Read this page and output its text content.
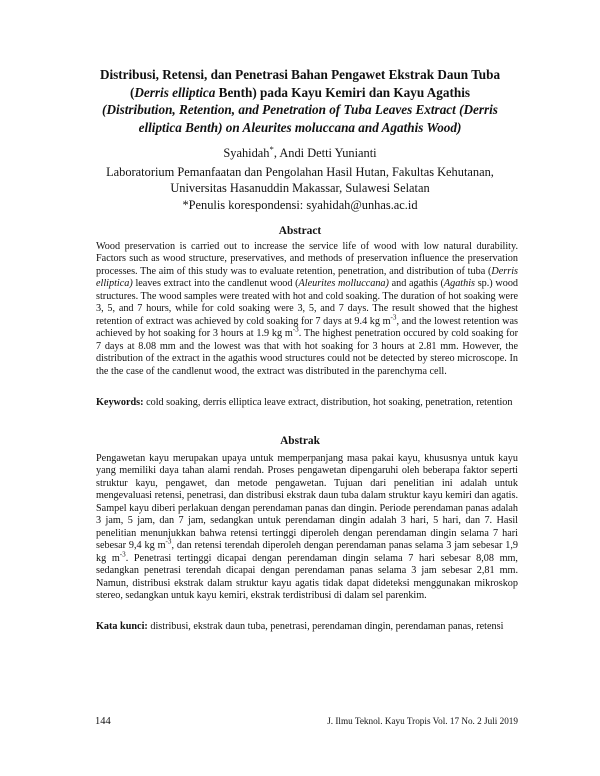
Distribusi, Retensi, dan Penetrasi Bahan Pengawet Ekstrak Daun Tuba
(Derris elliptica Benth) pada Kayu Kemiri dan Kayu Agathis
(Distribution, Retention, and Penetration of Tuba Leaves Extract (Derris elliptica Benth) on Aleurites moluccana and Agathis Wood)
Syahidah*, Andi Detti Yunianti
Laboratorium Pemanfaatan dan Pengolahan Hasil Hutan, Fakultas Kehutanan,
Universitas Hasanuddin Makassar, Sulawesi Selatan
*Penulis korespondensi: syahidah@unhas.ac.id
Abstract
Wood preservation is carried out to increase the service life of wood with low natural durability. Factors such as wood structure, preservatives, and methods of preservation influence the preservation processes. The aim of this study was to evaluate retention, penetration, and distribution of tuba (Derris elliptica) leaves extract into the candlenut wood (Aleurites molluccana) and agathis (Agathis sp.) wood structures. The wood samples were treated with hot and cold soaking. The duration of hot soaking were 3, 5, and 7 hours, while for cold soaking were 3, 5, and 7 days. The result showed that the highest retention of extract was achieved by cold soaking for 7 days at 9.4 kg $m^{-3}$, and the lowest retention was achieved by hot soaking for 3 hours at 1.9 kg $m^{-3}$. The highest penetration occured by cold soaking for 7 days at 8.08 mm and the lowest was that with hot soaking for 3 hours at 2.81 mm. However, the distribution of the extract in the agathis wood structures could not be detected by stereo microscope. In the the case of the candlenut wood, the extract was distributed in the parenchyma cell.
Keywords: cold soaking, derris elliptica leave extract, distribution, hot soaking, penetration, retention
Abstrak
Pengawetan kayu merupakan upaya untuk memperpanjang masa pakai kayu, khususnya untuk kayu yang memiliki daya tahan alami rendah. Proses pengawetan dipengaruhi oleh beberapa faktor seperti struktur kayu, pengawet, dan metode pengawetan. Tujuan dari penelitian ini adalah untuk mengevaluasi retensi, penetrasi, dan distribusi ekstrak daun tuba dalam struktur kayu kemiri dan agatis. Sampel kayu diberi perlakuan dengan perendaman panas dan dingin. Periode perendaman panas adalah 3 jam, 5 jam, dan 7 jam, sedangkan untuk perendaman dingin adalah 3 hari, 5 hari, dan 7. Hasil penelitian menunjukkan bahwa retensi tertinggi diperoleh dengan perendaman dingin selama 7 hari sebesar 9,4 kg $m^{-3}$, dan retensi terendah diperoleh dengan perendaman panas selama 3 jam sebesar 1,9 kg $m^{-3}$. Penetrasi tertinggi dicapai dengan perendaman dingin selama 7 hari sebesar 8,08 mm, sedangkan penetrasi terendah dicapai dengan perendaman panas selama 3 jam sebesar 2,81 mm. Namun, distribusi ekstrak dalam struktur kayu agatis tidak dapat dideteksi menggunakan mikroskop stereo, sedangkan untuk kayu kemiri, ekstrak terdistribusi di dalam sel parenkim.
Kata kunci: distribusi, ekstrak daun tuba, penetrasi, perendaman dingin, perendaman panas, retensi
144	J. Ilmu Teknol. Kayu Tropis Vol. 17 No. 2 Juli 2019
